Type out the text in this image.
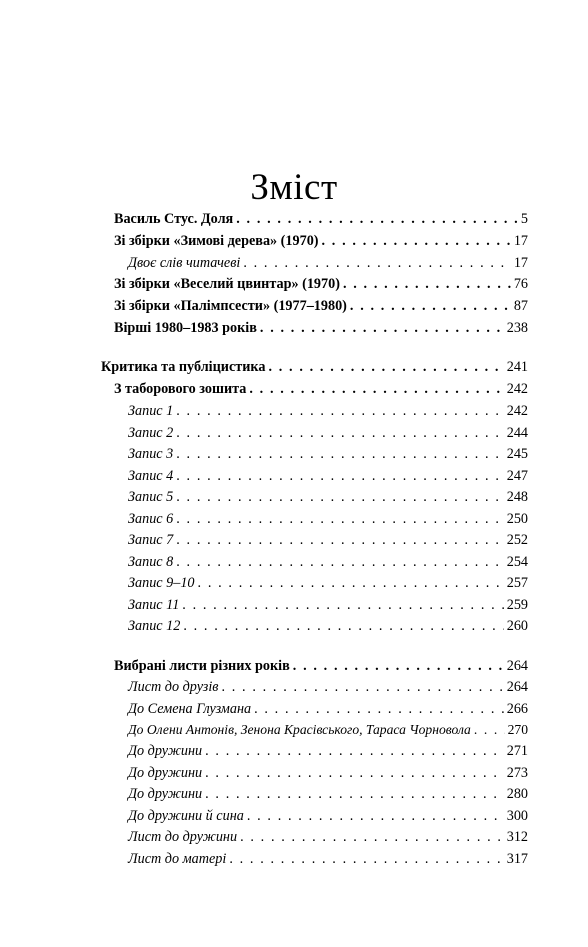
Зміст
Василь Стус. Доля . . .	5
Зі збірки «Зимові дерева» (1970) . . .	17
Двоє слів читачеві . . .	17
Зі збірки «Веселий цвинтар» (1970) . . .	76
Зі збірки «Палімпсести» (1977–1980) . . .	87
Вірші 1980–1983 років . . .	238
Критика та публіцистика . . .	241
З таборового зошита . . .	242
Запис 1 . . .	242
Запис 2 . . .	244
Запис 3 . . .	245
Запис 4 . . .	247
Запис 5 . . .	248
Запис 6 . . .	250
Запис 7 . . .	252
Запис 8 . . .	254
Запис 9–10 . . .	257
Запис 11 . . .	259
Запис 12 . . .	260
Вибрані листи різних років . . .	264
Лист до друзів . . .	264
До Семена Глузмана . . .	266
До Олени Антонів, Зенона Красівського, Тараса Чорновола . . .	270
До дружини . . .	271
До дружини . . .	273
До дружини . . .	280
До дружини й сина . . .	300
Лист до дружини . . .	312
Лист до матері . . .	317
